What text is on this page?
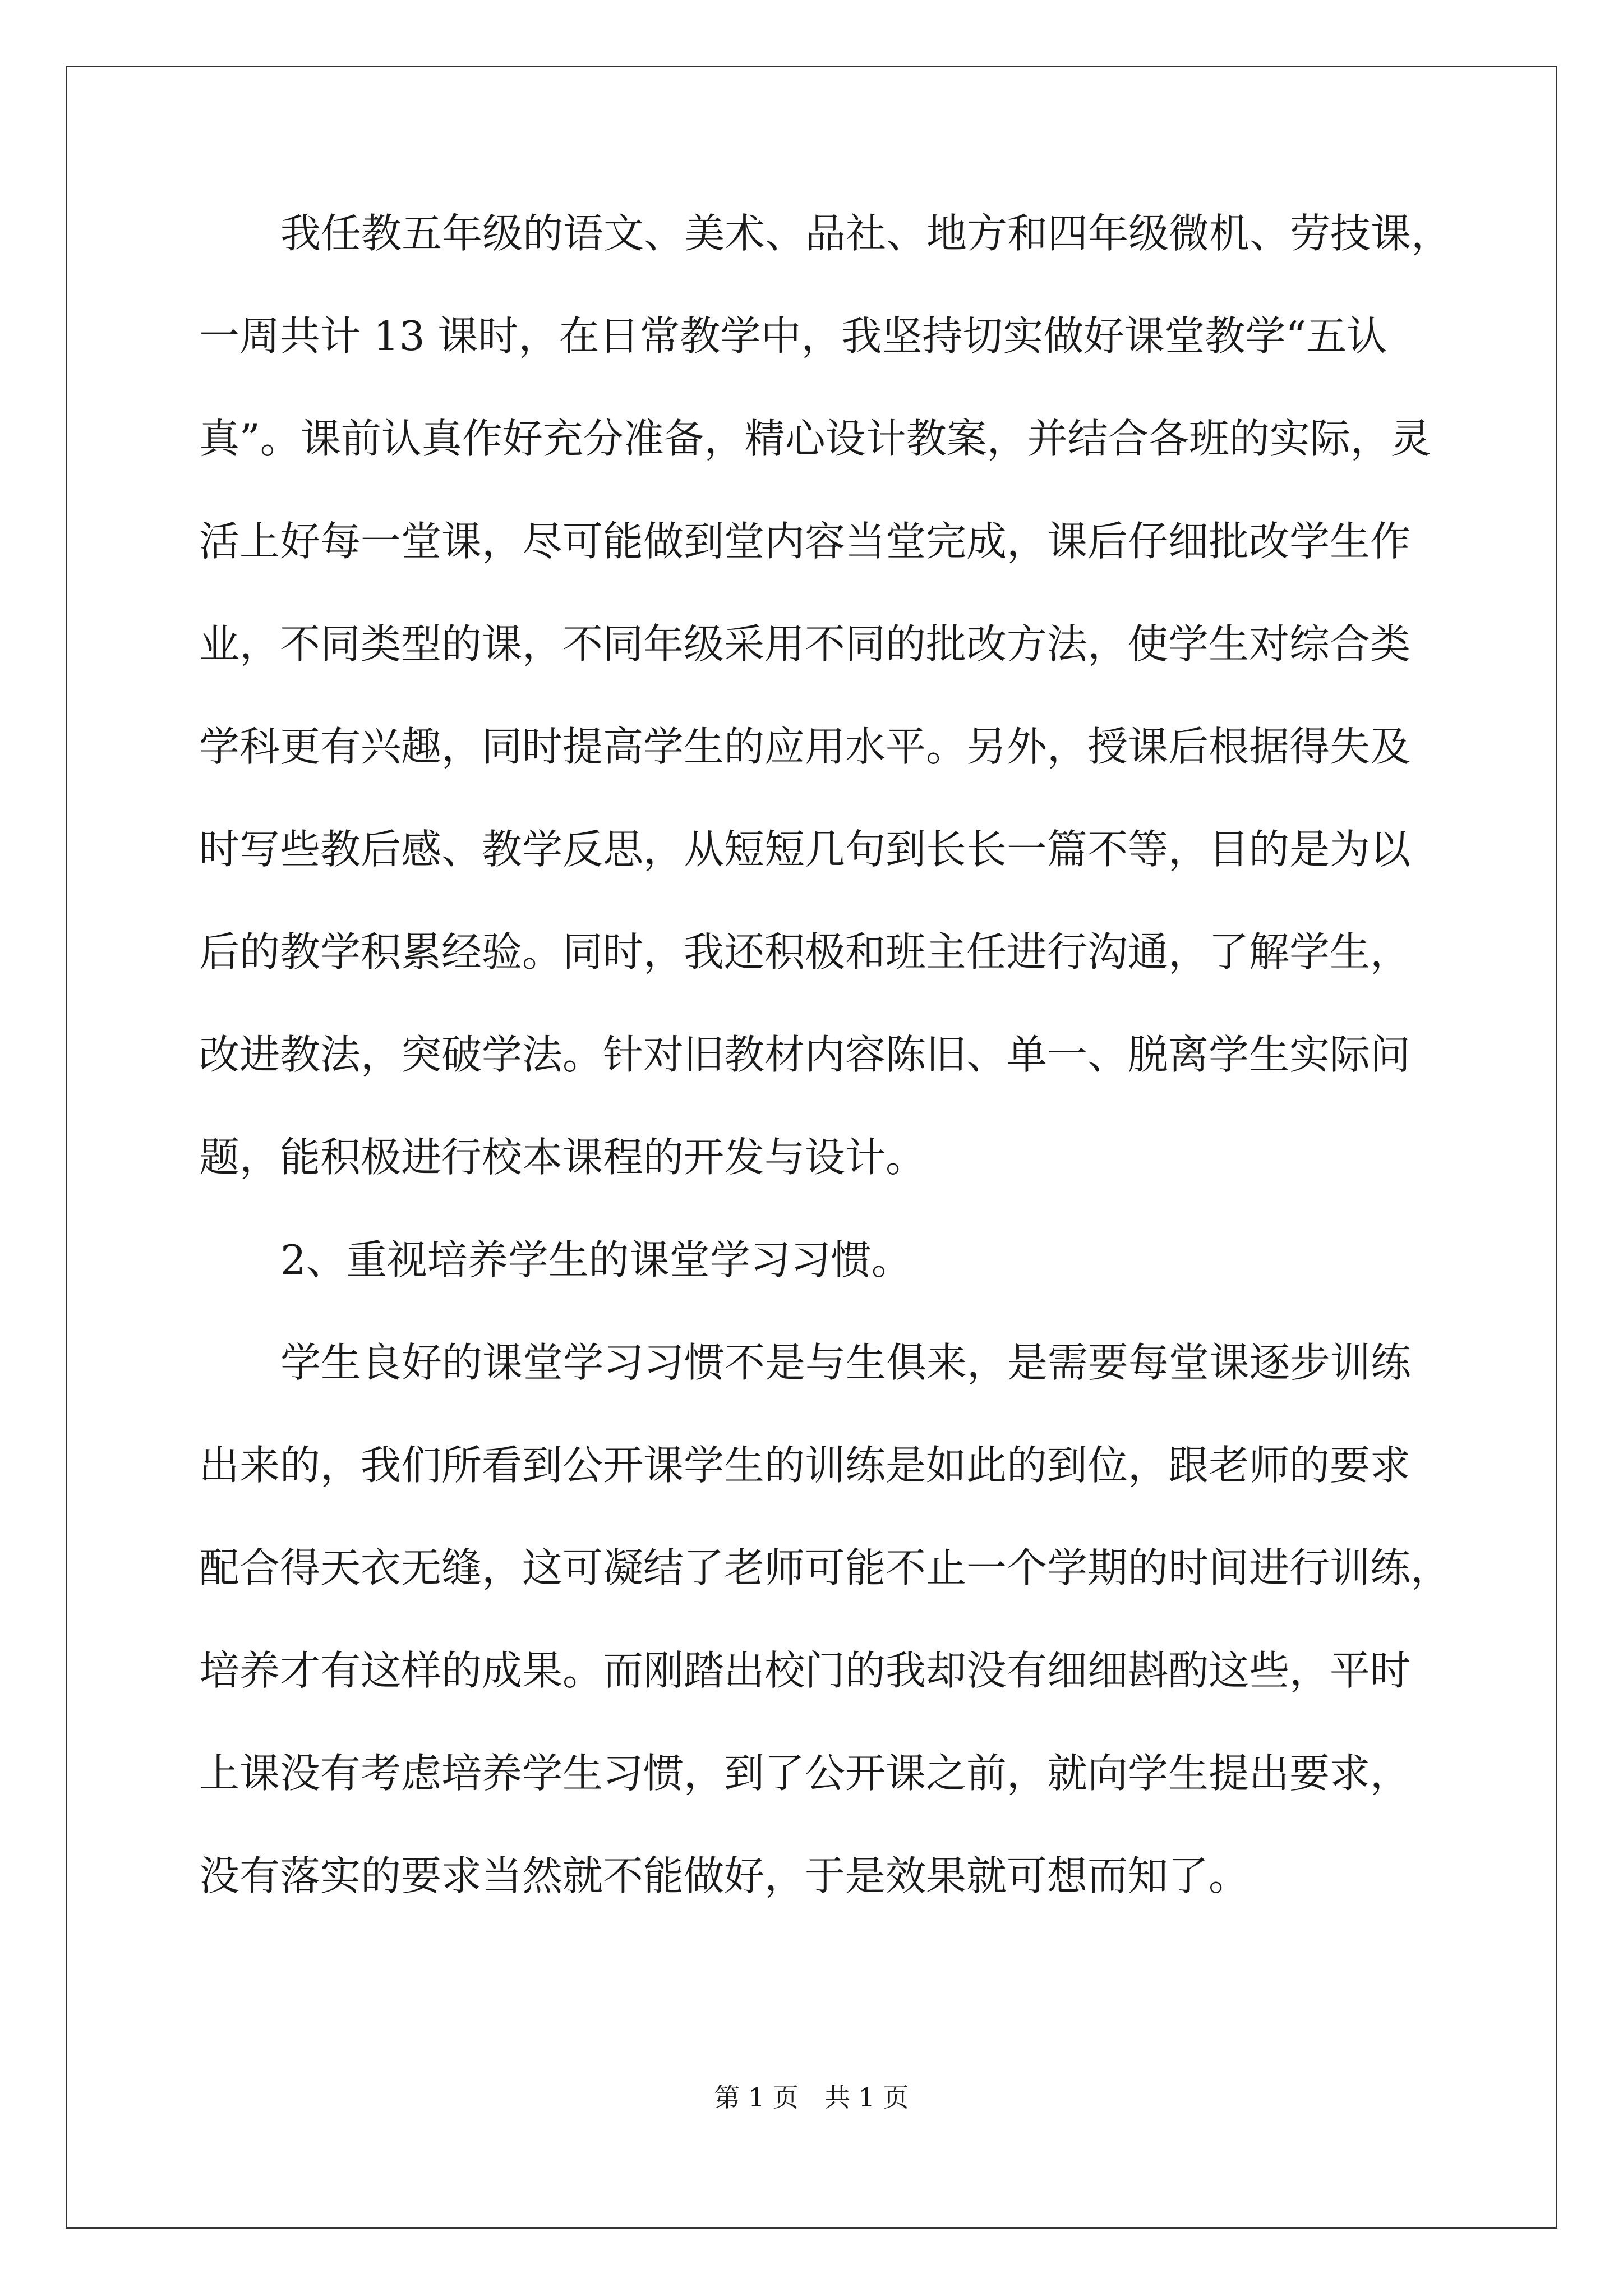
我任教五年级的语文、美术、品社、地方和四年级微机、劳技课，
一周共计 13 课时，在日常教学中，我坚持切实做好课堂教学“五认
真”。课前认真作好充分准备，精心设计教案，并结合各班的实际，灵
活上好每一堂课，尽可能做到堂内容当堂完成，课后仔细批改学生作
业，不同类型的课，不同年级采用不同的批改方法，使学生对综合类
学科更有兴趣，同时提高学生的应用水平。另外，授课后根据得失及
时写些教后感、教学反思，从短短几句到长长一篇不等，目的是为以
后的教学积累经验。同时，我还积极和班主任进行沟通，了解学生，
改进教法，突破学法。针对旧教材内容陈旧、单一、脱离学生实际问
题，能积极进行校本课程的开发与设计。
2、重视培养学生的课堂学习习惯。
学生良好的课堂学习习惯不是与生俱来，是需要每堂课逐步训练
出来的，我们所看到公开课学生的训练是如此的到位，跟老师的要求
配合得天衣无缝，这可凝结了老师可能不止一个学期的时间进行训练，
培养才有这样的成果。而刚踏出校门的我却没有细细斟酌这些，平时
上课没有考虑培养学生习惯，到了公开课之前，就向学生提出要求，
没有落实的要求当然就不能做好，于是效果就可想而知了。
第 1 页　共 1 页
